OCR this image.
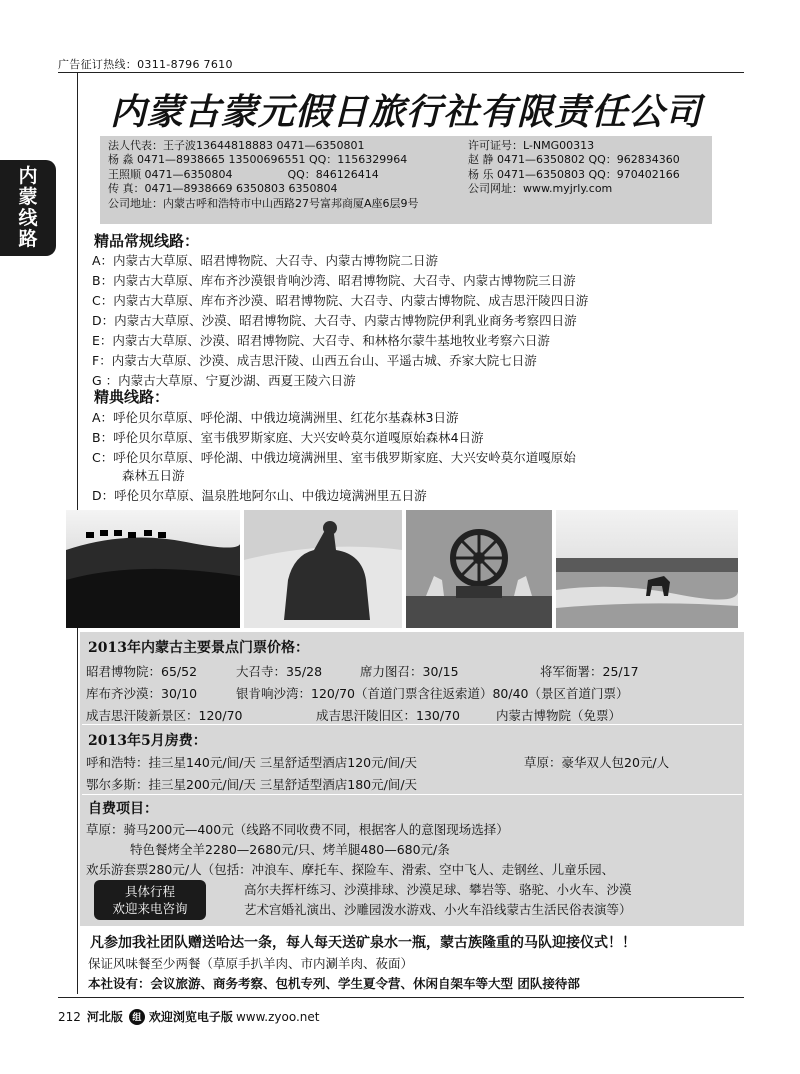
广告征订热线：0311-8796 7610
内
蒙
线
路
内蒙古蒙元假日旅行社有限责任公司
法人代表：王子波13644818883 0471—6350801	许可证号：L-NMG00313
杨 淼 0471—8938665 13500696551 QQ：1156329964	赵 静 0471—6350802 QQ：962834360
王照顺 0471—6350804　　　　　QQ：846126414	杨 乐 0471—6350803 QQ：970402166
传 真：0471—8938669 6350803 6350804	公司网址：www.myjrly.com
公司地址：内蒙古呼和浩特市中山西路27号富邦商厦A座6层9号
精品常规线路：
A：内蒙古大草原、昭君博物院、大召寺、内蒙古博物院二日游
B：内蒙古大草原、库布齐沙漠银肯响沙湾、昭君博物院、大召寺、内蒙古博物院三日游
C：内蒙古大草原、库布齐沙漠、昭君博物院、大召寺、内蒙古博物院、成吉思汗陵四日游
D：内蒙古大草原、沙漠、昭君博物院、大召寺、内蒙古博物院伊利乳业商务考察四日游
E：内蒙古大草原、沙漠、昭君博物院、大召寺、和林格尔蒙牛基地牧业考察六日游
F：内蒙古大草原、沙漠、成吉思汗陵、山西五台山、平遥古城、乔家大院七日游
G ：内蒙古大草原、宁夏沙湖、西夏王陵六日游
精典线路：
A：呼伦贝尔草原、呼伦湖、中俄边境满洲里、红花尔基森林3日游
B：呼伦贝尔草原、室韦俄罗斯家庭、大兴安岭莫尔道嘎原始森林4日游
C：呼伦贝尔草原、呼伦湖、中俄边境满洲里、室韦俄罗斯家庭、大兴安岭莫尔道嘎原始
森林五日游
D：呼伦贝尔草原、温泉胜地阿尔山、中俄边境满洲里五日游
2013年内蒙古主要景点门票价格：
昭君博物院：65/52	大召寺：35/28	席力图召：30/15	将军衙署：25/17
库布齐沙漠：30/10	银肯响沙湾：120/70（首道门票含往返索道）80/40（景区首道门票）
成吉思汗陵新景区：120/70	成吉思汗陵旧区：130/70	内蒙古博物院（免票）
2013年5月房费：
呼和浩特：挂三星140元/间/天 三星舒适型酒店120元/间/天	草原：豪华双人包20元/人
鄂尔多斯：挂三星200元/间/天 三星舒适型酒店180元/间/天
自费项目：
草原：骑马200元—400元（线路不同收费不同，根据客人的意图现场选择）
特色餐烤全羊2280—2680元/只、烤羊腿480—680元/条
欢乐游套票280元/人（包括：冲浪车、摩托车、探险车、滑索、空中飞人、走钢丝、儿童乐园、
高尔夫挥杆练习、沙漠排球、沙漠足球、攀岩等、骆驼、小火车、沙漠
艺术宫婚礼演出、沙雕园泼水游戏、小火车沿线蒙古生活民俗表演等）
具体行程
欢迎来电咨询
凡参加我社团队赠送哈达一条，每人每天送矿泉水一瓶，蒙古族隆重的马队迎接仪式！！
保证风味餐至少两餐（草原手扒羊肉、市内涮羊肉、莜面）
本社设有：会议旅游、商务考察、包机专列、学生夏令营、休闲自架车等大型 团队接待部
212 河北版	组 欢迎浏览电子版 www.zyoo.net
